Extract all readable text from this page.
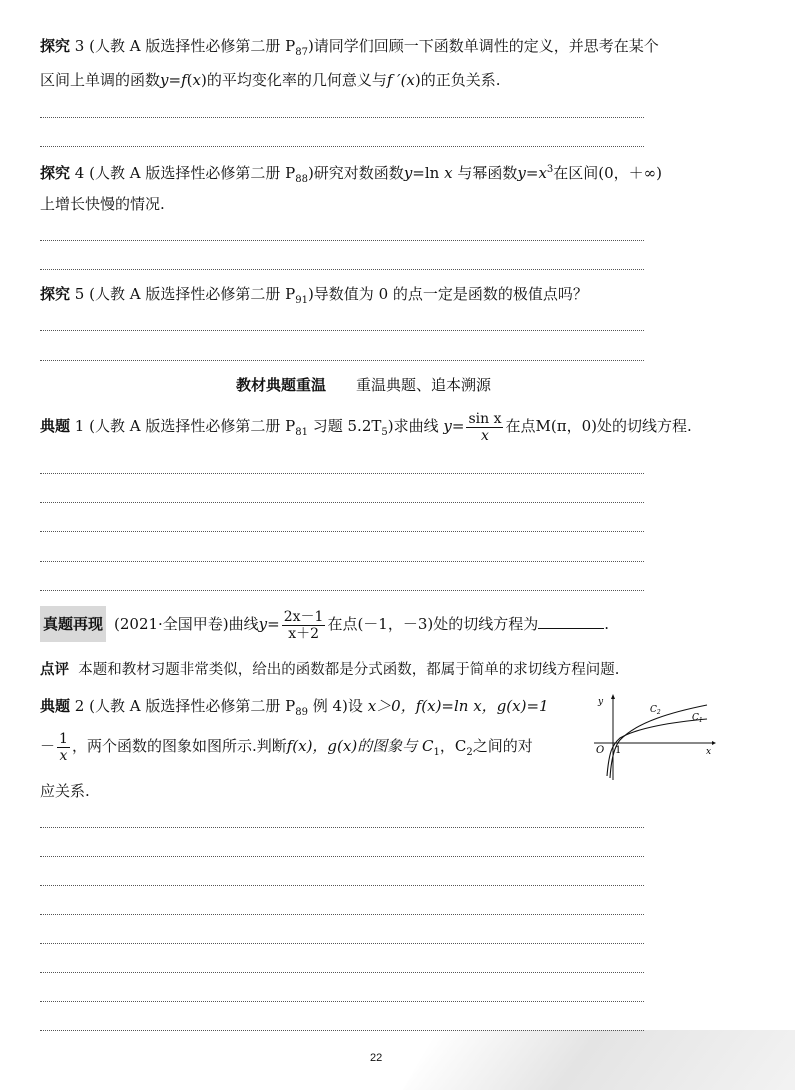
探究 3 (人教 A 版选择性必修第二册 $P_{87}$)请同学们回顾一下函数单调性的定义，并思考在某个
区间上单调的函数y=f(x)的平均变化率的几何意义与f ′(x)的正负关系.
探究 4 (人教 A 版选择性必修第二册 $P_{88}$)研究对数函数y=ln x 与幂函数$y=x^3$在区间(0，＋∞)
上增长快慢的情况.
探究 5 (人教 A 版选择性必修第二册 $P_{91}$)导数值为 0 的点一定是函数的极值点吗？
教材典题重温 重温典题、追本溯源
典题 1 (人教 A 版选择性必修第二册 $P_{81}$ 习题 $5.2T_5$)求曲线 $y= \frac{\text{sin x}}{x}$ 在点M(π，0)处的切线方程.
真题再现 (2021·全国甲卷)曲线$y= \frac{2x-1}{x+2}$ 在点(－1，－3)处的切线方程为	.
点评 本题和教材习题非常类似，给出的函数都是分式函数，都属于简单的求切线方程问题.
典题 2 (人教 A 版选择性必修第二册 $P_{89}$ 例 4)设 x＞0，f(x)=ln x，g(x)=1
－ $\frac{1}{x}$ ，两个函数的图象如图所示.判断f(x)，g(x)的图象与 $C_1$，$C_2$之间的对
应关系.
y
x
O 1
$C_2$
$C_1$
22
